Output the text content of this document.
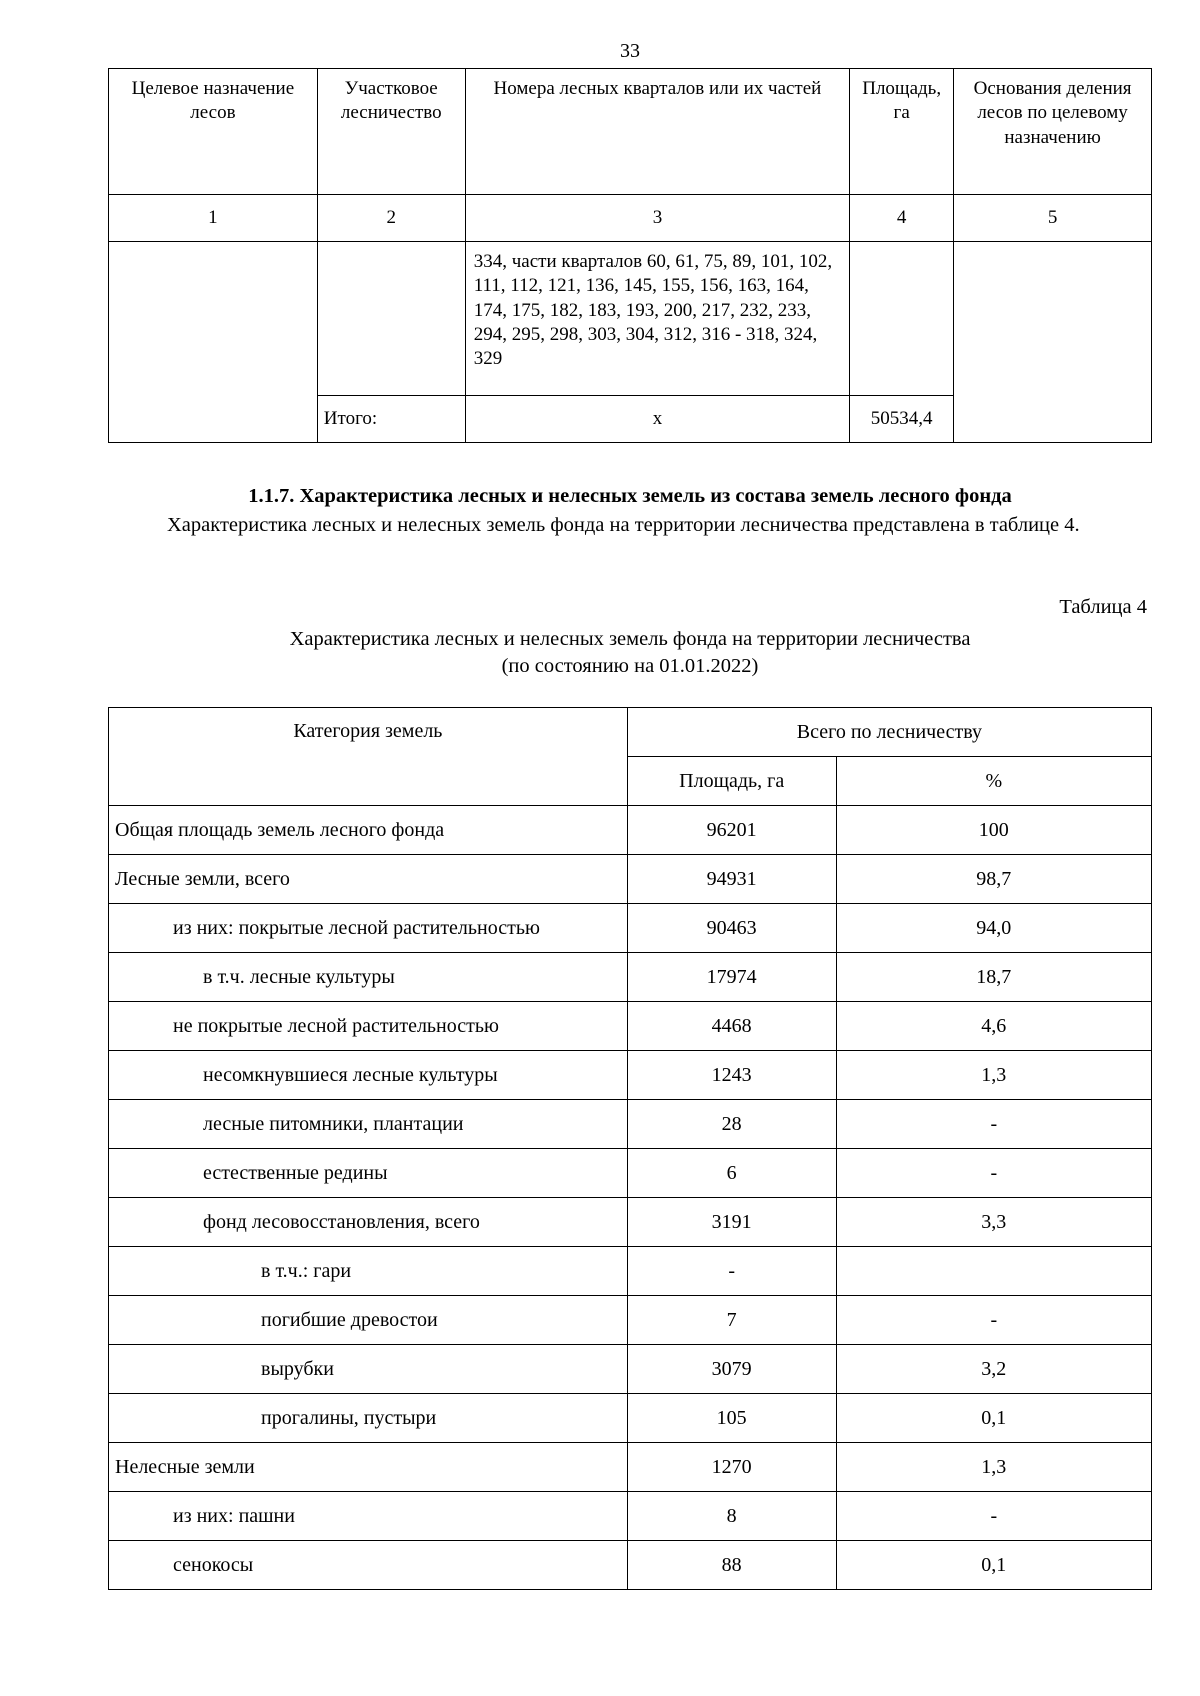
33
Целевое назначение лесов	Участковое лесничество	Номера лесных кварталов или их частей	Площадь, га	Основания деления лесов по целевому назначению
1	2	3	4	5
		334, части кварталов 60, 61, 75, 89, 101, 102, 111, 112, 121, 136, 145, 155, 156, 163, 164, 174, 175, 182, 183, 193, 200, 217, 232, 233, 294, 295, 298, 303, 304, 312, 316 - 318, 324, 329		
	Итого:	х	50534,4	
1.1.7. Характеристика лесных и нелесных земель из состава земель лесного фонда
Характеристика лесных и нелесных земель фонда на территории лесничества представлена в таблице 4.
Таблица 4
Характеристика лесных и нелесных земель фонда на территории лесничества
(по состоянию на 01.01.2022)
Категория земель	Всего по лесничеству	
	Площадь, га	%
Общая площадь земель лесного фонда	96201	100
Лесные земли, всего	94931	98,7
из них: покрытые лесной растительностью	90463	94,0
в т.ч. лесные культуры	17974	18,7
не покрытые лесной растительностью	4468	4,6
несомкнувшиеся лесные культуры	1243	1,3
лесные питомники, плантации	28	-
естественные редины	6	-
фонд лесовосстановления, всего	3191	3,3
в т.ч.: гари	-	
погибшие древостои	7	-
вырубки	3079	3,2
прогалины, пустыри	105	0,1
Нелесные земли	1270	1,3
из них: пашни	8	-
сенокосы	88	0,1
